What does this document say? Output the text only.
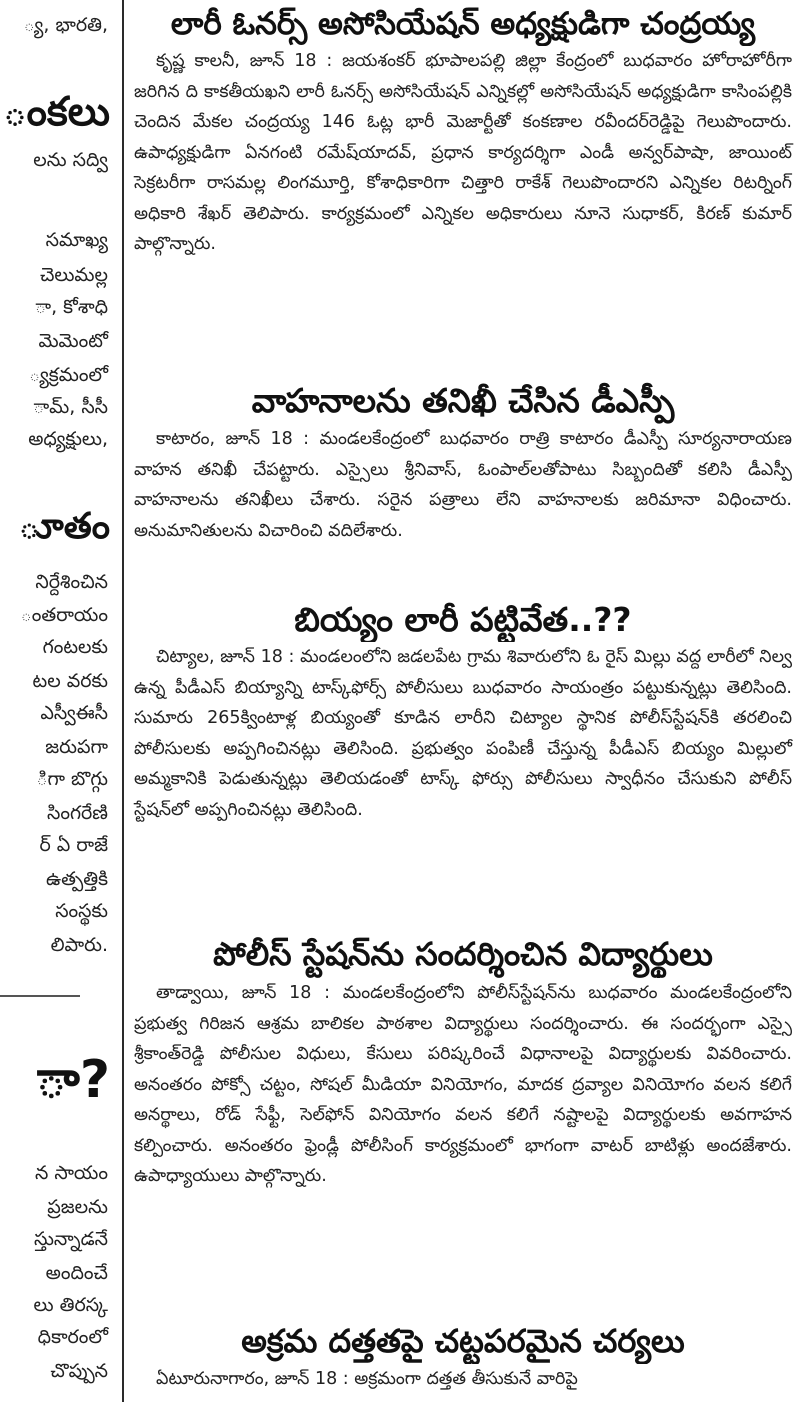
్య, భారతి,
ంకలు
లను సద్వి
సమాఖ్య
చెలుమల్ల
ా, కోశాధి
మెమెంటో
్యక్రమంలో
ామ్, సీసీ
అధ్యక్షులు,
ూతం
నిర్దేశించిన
ంతరాయం
గంటలకు
టల వరకు
ఎస్వీఈసీ
జరుపగా
ిగా బొగ్గు
సింగరేణి
ర్ ఏ రాజే
ఉత్పత్తికి
సంస్థకు
లిపారు.
ా?
న సాయం
ప్రజలను
స్తున్నాడనే
అందించే
లు తిరస్క
ధికారంలో
చొప్పున
లారీ ఓనర్స్ అసోసియేషన్ అధ్యక్షుడిగా చంద్రయ్య

కృష్ణ కాలనీ, జూన్ 18 : జయశంకర్ భూపాలపల్లి జిల్లా కేంద్రంలో బుధవారం హోరాహోరీగా జరిగిన ది కాకతీయఖని లారీ ఓనర్స్ అసోసియేషన్ ఎన్నికల్లో అసోసియేషన్ అధ్యక్షుడిగా కాసింపల్లికి చెందిన మేకల చంద్రయ్య 146 ఓట్ల భారీ మెజార్టీతో కంకణాల రవీందర్‌రెడ్డిపై గెలుపొందారు. ఉపాధ్యక్షుడిగా ఏనగంటి రమేష్‌యాదవ్, ప్రధాన కార్యదర్శిగా ఎండీ అన్వర్‌పాషా, జాయింట్ సెక్రటరీగా రాసమల్ల లింగమూర్తి, కోశాధికారిగా చిత్తారి రాకేశ్ గెలుపొందారని ఎన్నికల రిటర్నింగ్ అధికారి శేఖర్ తెలిపారు. కార్యక్రమంలో ఎన్నికల అధికారులు నూనె సుధాకర్, కిరణ్ కుమార్ పాల్గొన్నారు.

వాహనాలను తనిఖీ చేసిన డీఎస్పీ

కాటారం, జూన్ 18 : మండలకేంద్రంలో బుధవారం రాత్రి కాటారం డీఎస్పీ సూర్యనారాయణ వాహన తనిఖీ చేపట్టారు. ఎస్సైలు శ్రీనివాస్, ఓంపాల్‌లతోపాటు సిబ్బందితో కలిసి డీఎస్పీ వాహనాలను తనిఖీలు చేశారు. సరైన పత్రాలు లేని వాహనాలకు జరిమానా విధించారు. అనుమానితులను విచారించి వదిలేశారు.

బియ్యం లారీ పట్టివేత..??

చిట్యాల, జూన్ 18 : మండలంలోని జడలపేట గ్రామ శివారులోని ఓ రైస్ మిల్లు వద్ద లారీలో నిల్వ ఉన్న పీడీఎస్ బియ్యాన్ని టాస్క్‌ఫోర్స్ పోలీసులు బుధవారం సాయంత్రం పట్టుకున్నట్లు తెలిసింది. సుమారు 265క్వింటాళ్ల బియ్యంతో కూడిన లారీని చిట్యాల స్థానిక పోలీస్‌స్టేషన్‌కి తరలించి పోలీసులకు అప్పగించినట్లు తెలిసింది. ప్రభుత్వం పంపిణీ చేస్తున్న పీడీఎస్ బియ్యం మిల్లులో అమ్మకానికి పెడుతున్నట్లు తెలియడంతో టాస్క్ ఫోర్సు పోలీసులు స్వాధీనం చేసుకుని పోలీస్ స్టేషన్‌లో అప్పగించినట్లు తెలిసింది.

పోలీస్ స్టేషన్‌ను సందర్శించిన విద్యార్థులు

తాడ్వాయి, జూన్ 18 : మండలకేంద్రంలోని పోలీస్‌స్టేషన్‌ను బుధవారం మండలకేంద్రంలోని ప్రభుత్వ గిరిజన ఆశ్రమ బాలికల పాఠశాల విద్యార్థులు సందర్శించారు. ఈ సందర్భంగా ఎస్సై శ్రీకాంత్‌రెడ్డి పోలీసుల విధులు, కేసులు పరిష్కరించే విధానాలపై విద్యార్థులకు వివరించారు. అనంతరం పోక్సో చట్టం, సోషల్ మీడియా వినియోగం, మాదక ద్రవ్యాల వినియోగం వలన కలిగే అనర్థాలు, రోడ్ సేఫ్టీ, సెల్‌ఫోన్ వినియోగం వలన కలిగే నష్టాలపై విద్యార్థులకు అవగాహన కల్పించారు. అనంతరం ఫ్రెండ్లీ పోలీసింగ్ కార్యక్రమంలో భాగంగా వాటర్ బాటిళ్లు అందజేశారు. ఉపాధ్యాయులు పాల్గొన్నారు.

అక్రమ దత్తతపై చట్టపరమైన చర్యలు

ఏటూరునాగారం, జూన్ 18 : అక్రమంగా దత్తత తీసుకునే వారిపై
